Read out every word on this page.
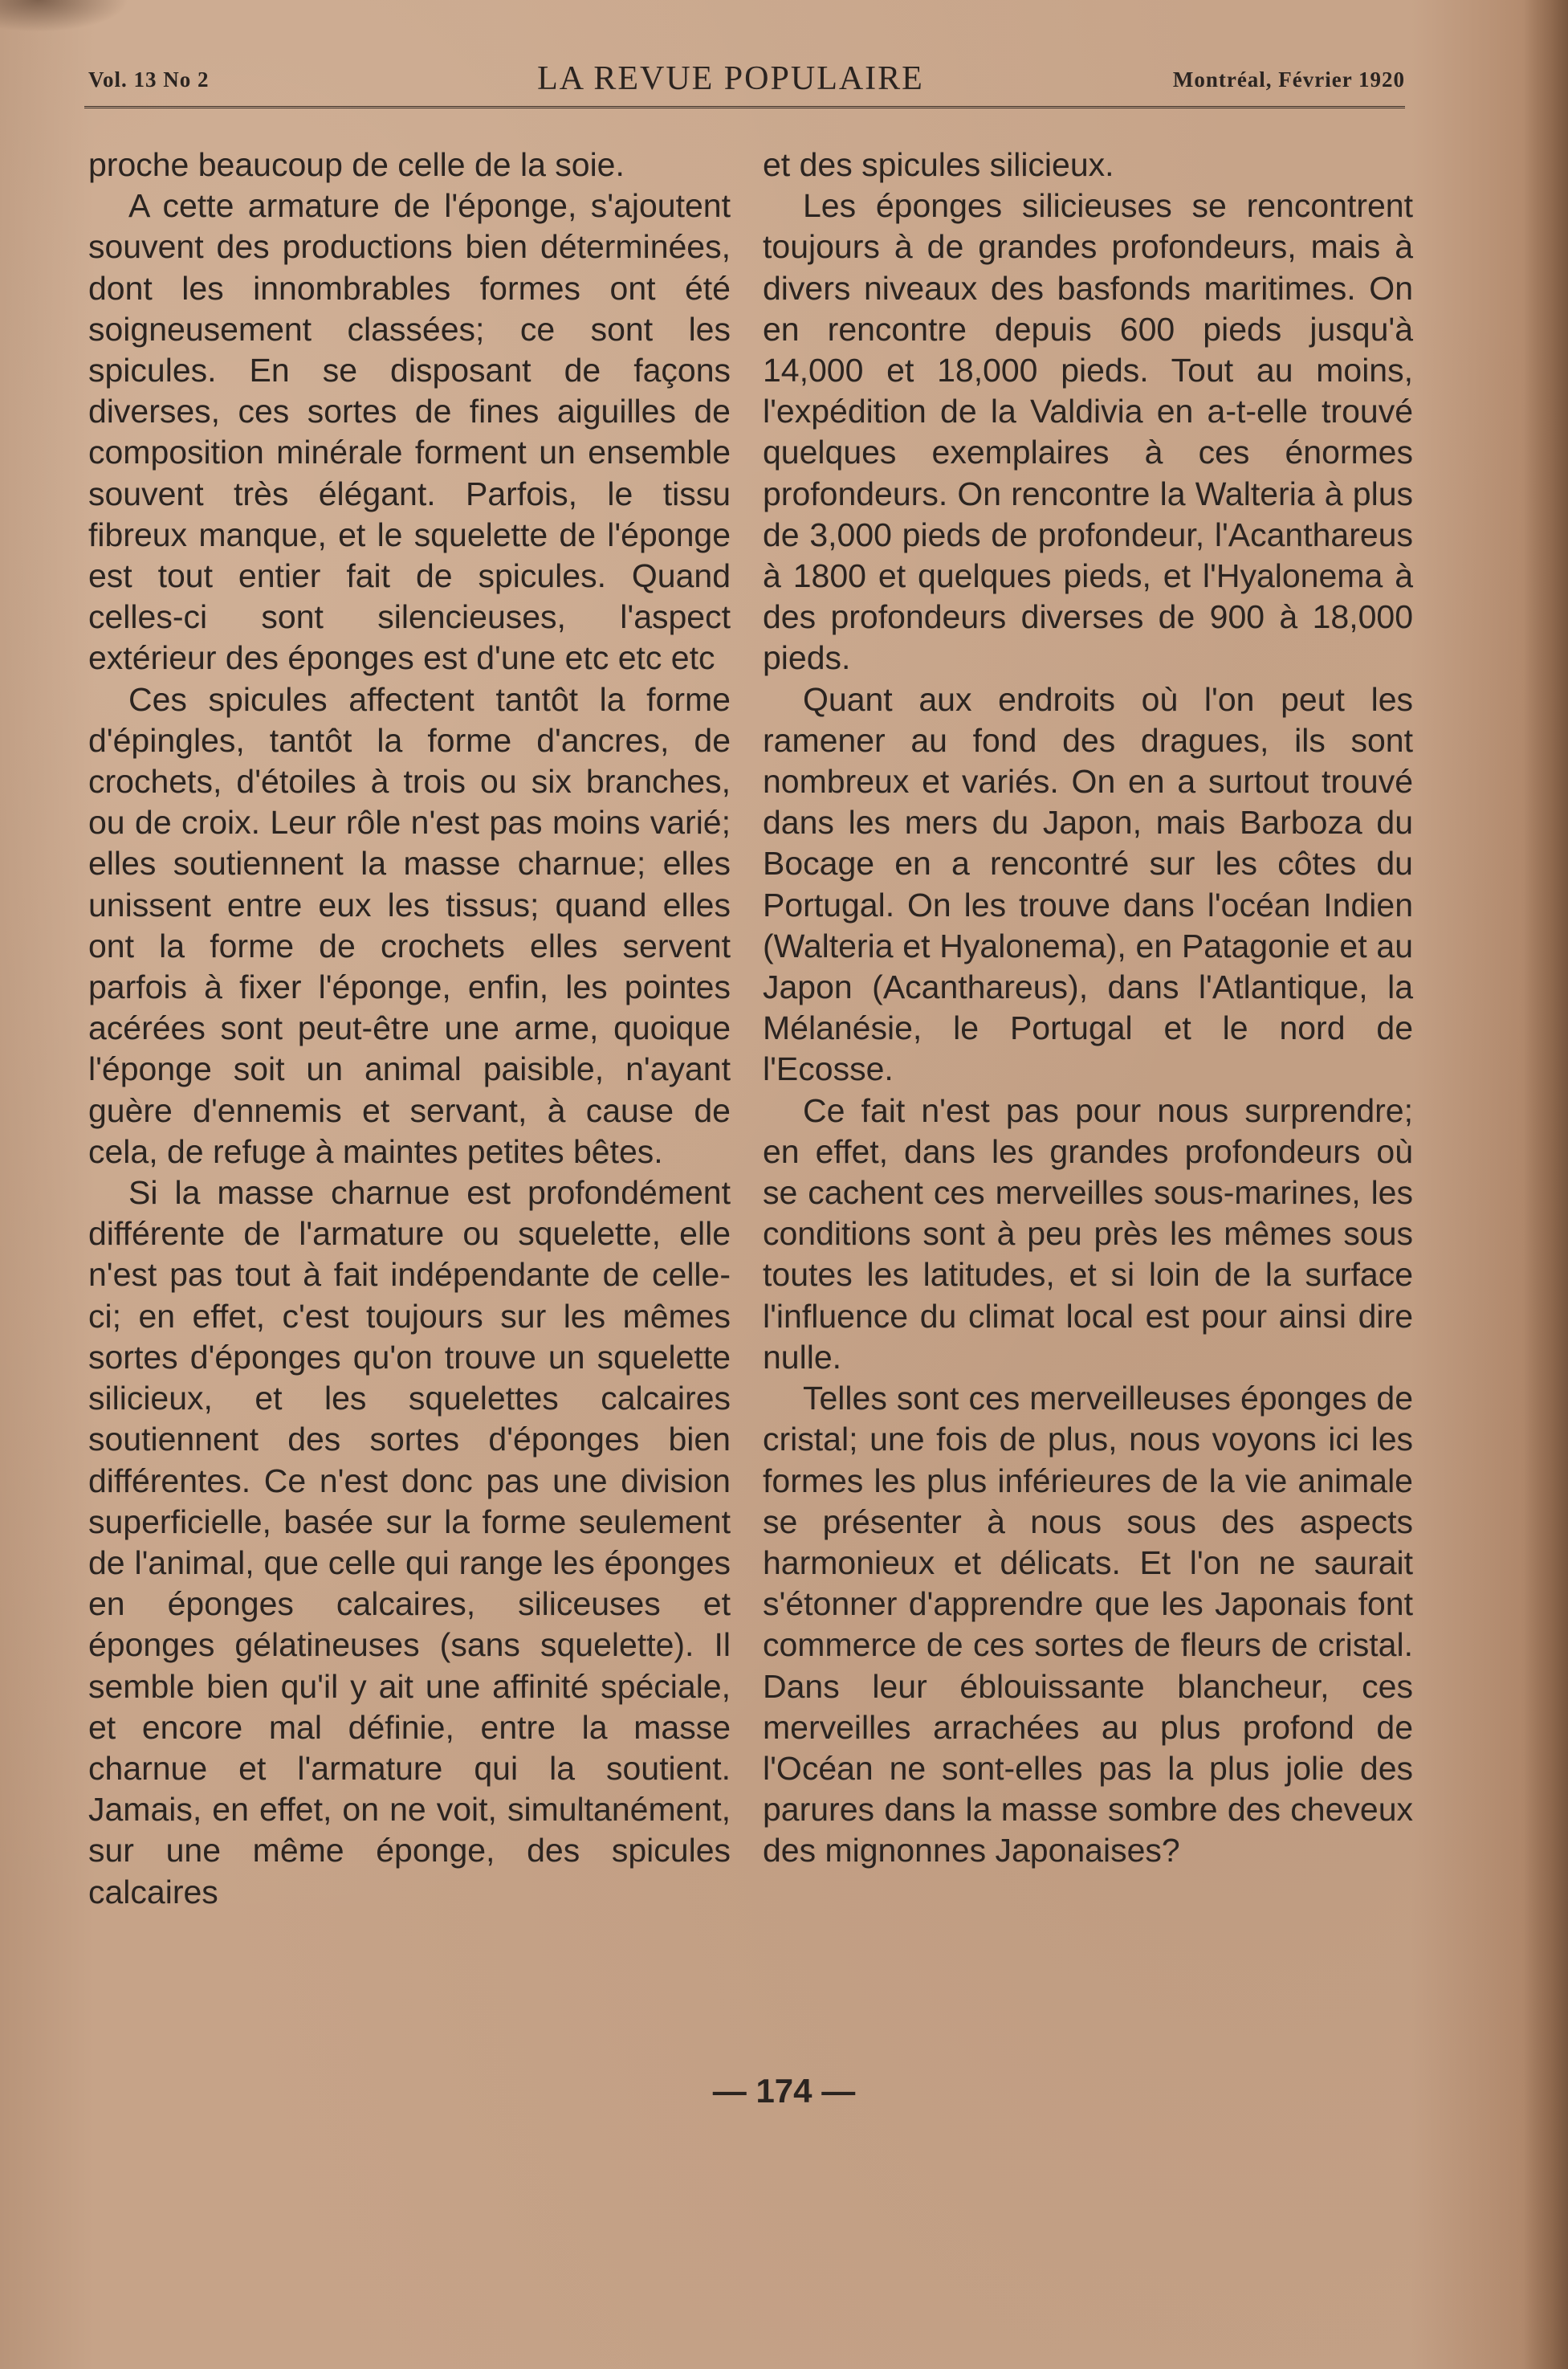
Vol. 13 No 2	LA REVUE POPULAIRE	Montréal, Février 1920

proche beaucoup de celle de la soie.

A cette armature de l'éponge, s'ajoutent souvent des productions bien déterminées, dont les innombrables formes ont été soigneusement classées; ce sont les spicules. En se disposant de façons diverses, ces sortes de fines aiguilles de composition minérale forment un ensemble souvent très élégant. Parfois, le tissu fibreux manque, et le squelette de l'éponge est tout entier fait de spicules. Quand celles-ci sont silencieuses, l'aspect extérieur des éponges est d'une etc etc etc

Ces spicules affectent tantôt la forme d'épingles, tantôt la forme d'ancres, de crochets, d'étoiles à trois ou six branches, ou de croix. Leur rôle n'est pas moins varié; elles soutiennent la masse charnue; elles unissent entre eux les tissus; quand elles ont la forme de crochets elles servent parfois à fixer l'éponge, enfin, les pointes acérées sont peut-être une arme, quoique l'éponge soit un animal paisible, n'ayant guère d'ennemis et servant, à cause de cela, de refuge à maintes petites bêtes.

Si la masse charnue est profondément différente de l'armature ou squelette, elle n'est pas tout à fait indépendante de celle-ci; en effet, c'est toujours sur les mêmes sortes d'éponges qu'on trouve un squelette silicieux, et les squelettes calcaires soutiennent des sortes d'éponges bien différentes. Ce n'est donc pas une division superficielle, basée sur la forme seulement de l'animal, que celle qui range les éponges en éponges calcaires, siliceuses et éponges gélatineuses (sans squelette). Il semble bien qu'il y ait une affinité spéciale, et encore mal définie, entre la masse charnue et l'armature qui la soutient. Jamais, en effet, on ne voit, simultanément, sur une même éponge, des spicules calcaires

et des spicules silicieux.

Les éponges silicieuses se rencontrent toujours à de grandes profondeurs, mais à divers niveaux des basfonds maritimes. On en rencontre depuis 600 pieds jusqu'à 14,000 et 18,000 pieds. Tout au moins, l'expédition de la Valdivia en a-t-elle trouvé quelques exemplaires à ces énormes profondeurs. On rencontre la Walteria à plus de 3,000 pieds de profondeur, l'Acanthareus à 1800 et quelques pieds, et l'Hyalonema à des profondeurs diverses de 900 à 18,000 pieds.

Quant aux endroits où l'on peut les ramener au fond des dragues, ils sont nombreux et variés. On en a surtout trouvé dans les mers du Japon, mais Barboza du Bocage en a rencontré sur les côtes du Portugal. On les trouve dans l'océan Indien (Walteria et Hyalonema), en Patagonie et au Japon (Acanthareus), dans l'Atlantique, la Mélanésie, le Portugal et le nord de l'Ecosse.

Ce fait n'est pas pour nous surprendre; en effet, dans les grandes profondeurs où se cachent ces merveilles sous-marines, les conditions sont à peu près les mêmes sous toutes les latitudes, et si loin de la surface l'influence du climat local est pour ainsi dire nulle.

Telles sont ces merveilleuses éponges de cristal; une fois de plus, nous voyons ici les formes les plus inférieures de la vie animale se présenter à nous sous des aspects harmonieux et délicats. Et l'on ne saurait s'étonner d'apprendre que les Japonais font commerce de ces sortes de fleurs de cristal. Dans leur éblouissante blancheur, ces merveilles arrachées au plus profond de l'Océan ne sont-elles pas la plus jolie des parures dans la masse sombre des cheveux des mignonnes Japonaises?

— 174 —
